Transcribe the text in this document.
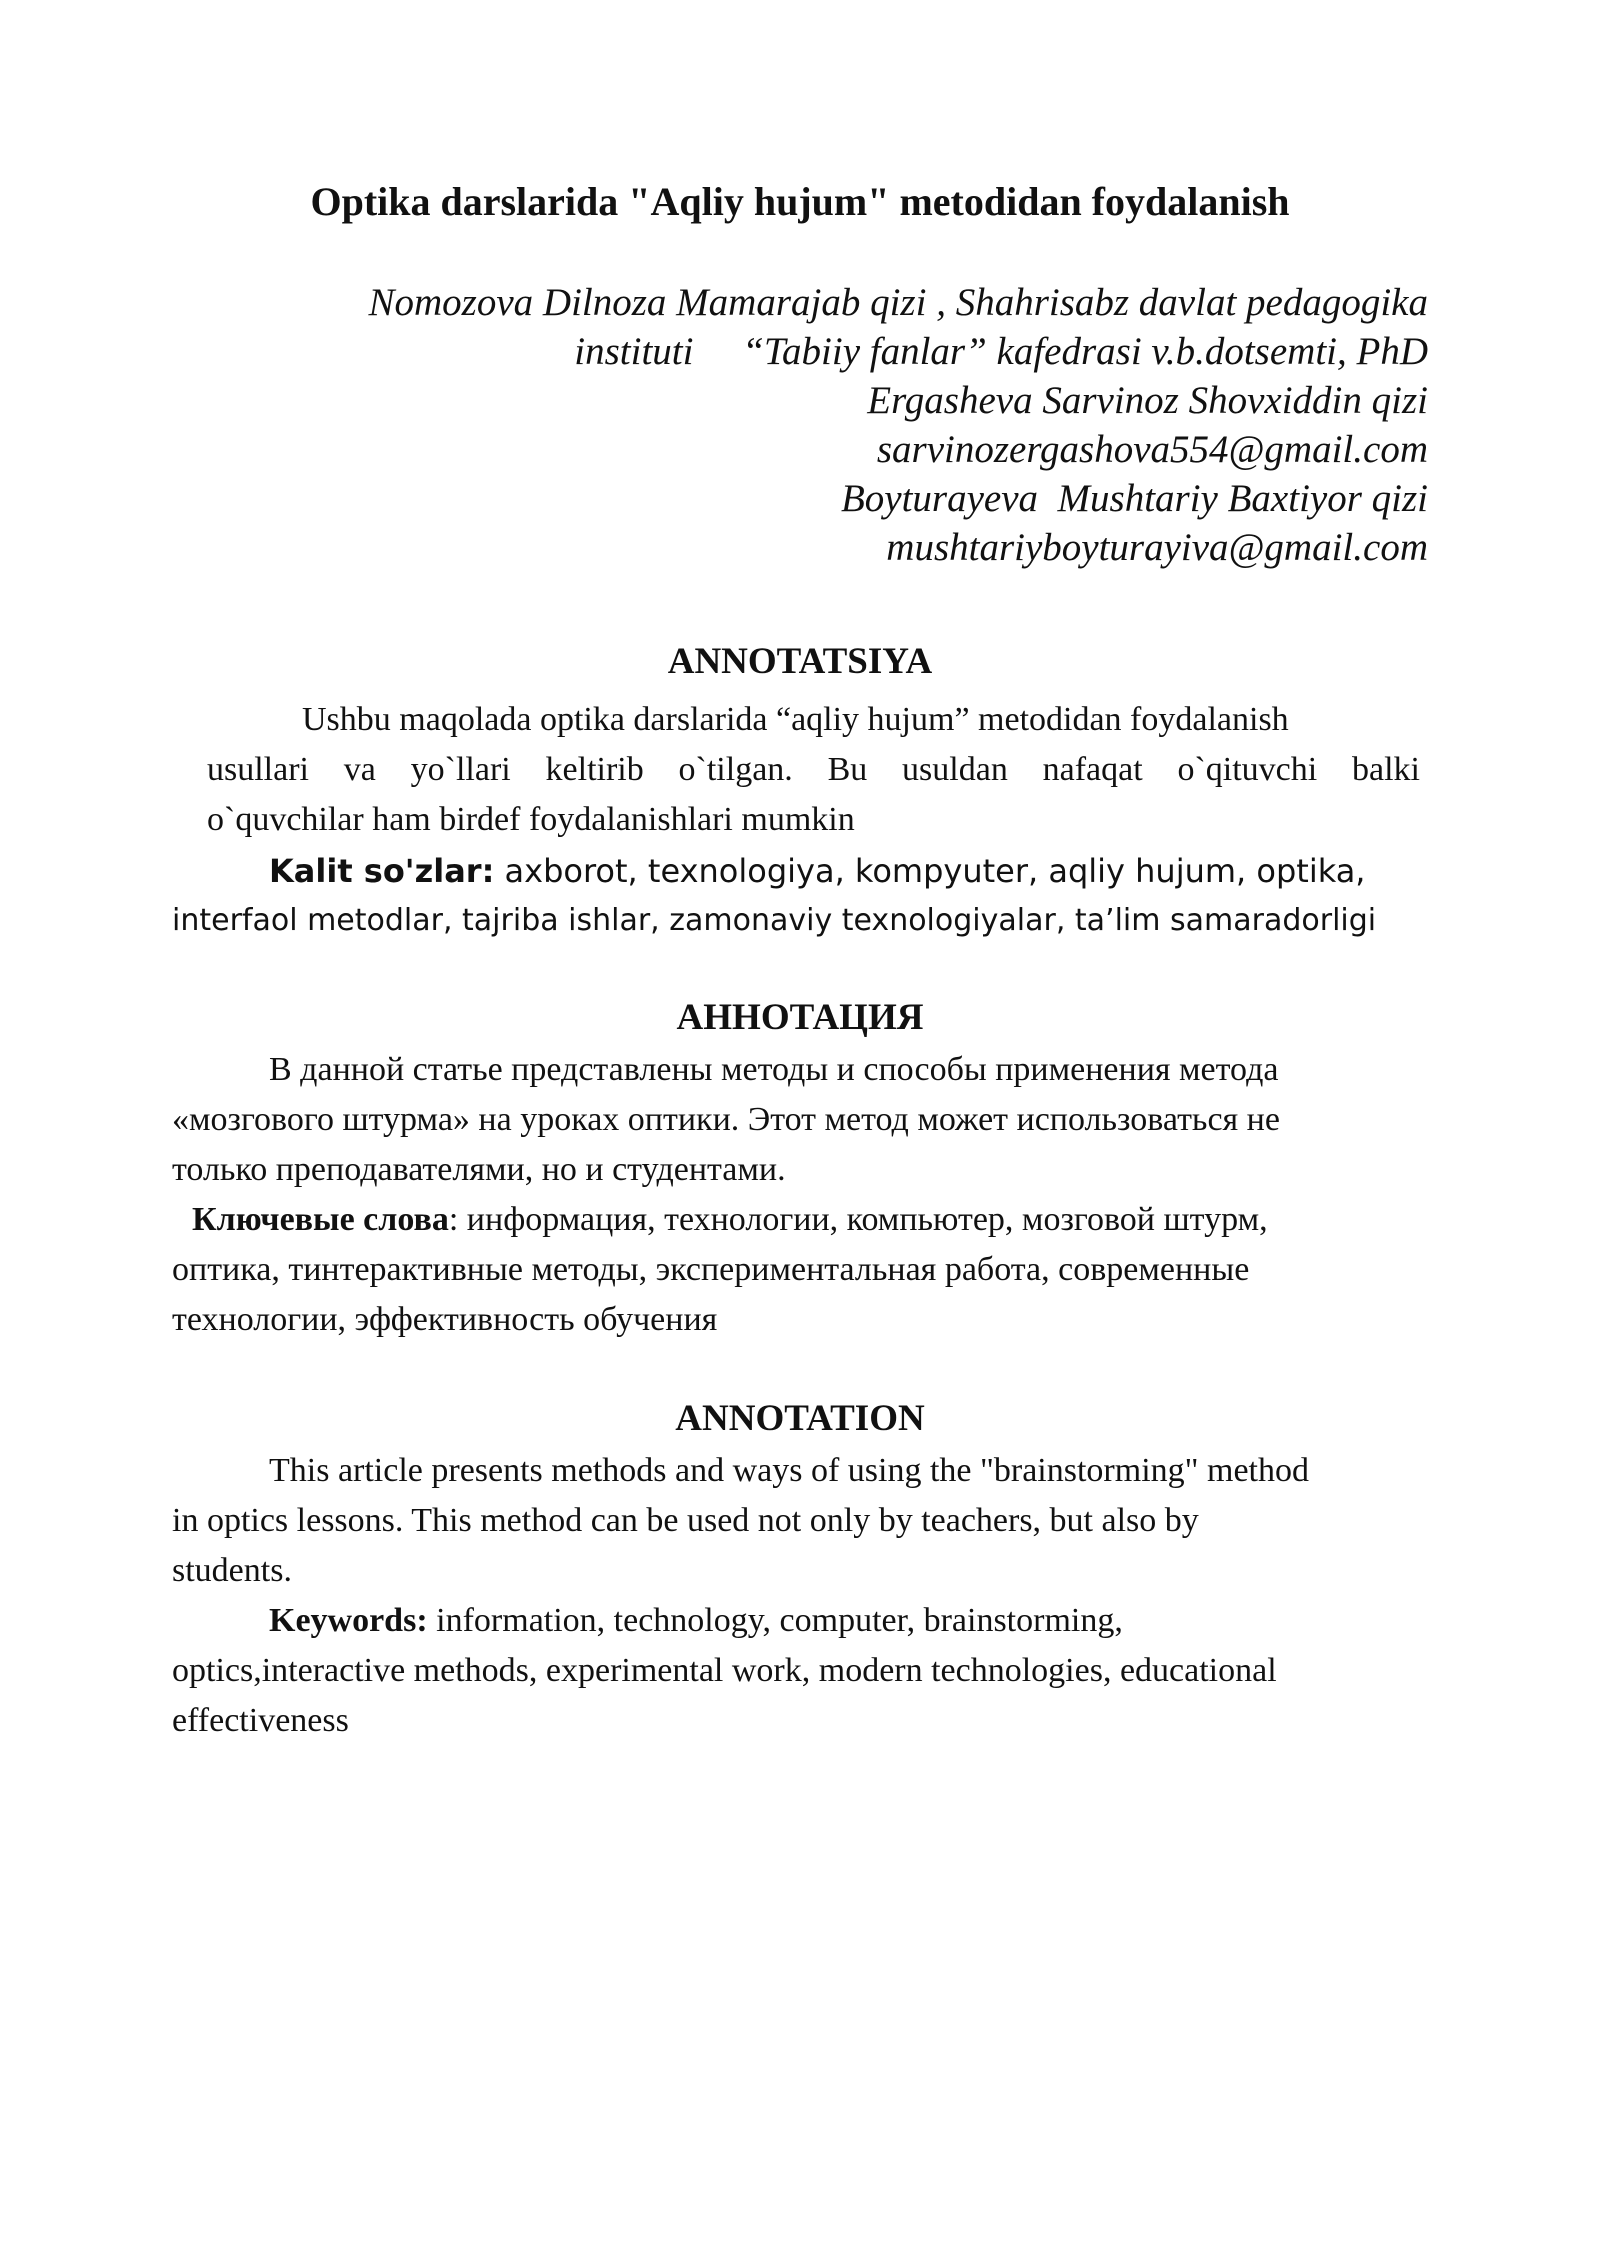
Optika darslarida "Aqliy hujum" metodidan foydalanish
Nomozova Dilnoza Mamarajab qizi , Shahrisabz davlat pedagogika
instituti     “Tabiiy fanlar” kafedrasi v.b.dotsemti, PhD
Ergasheva Sarvinoz Shovxiddin qizi
sarvinozergashova554@gmail.com
Boyturayeva  Mushtariy Baxtiyor qizi
mushtariyboyturayiva@gmail.com
ANNOTATSIYA
Ushbu maqolada optika darslarida “aqliy hujum” metodidan foydalanish
usullari va yo`llari keltirib o`tilgan. Bu usuldan nafaqat o`qituvchi balki
o`quvchilar ham birdef foydalanishlari mumkin
Kalit so'zlar: axborot, texnologiya, kompyuter, aqliy hujum, optika,
interfaol metodlar, tajriba ishlar, zamonaviy texnologiyalar, ta’lim samaradorligi
АННОТАЦИЯ
В данной статье представлены методы и способы применения метода
«мозгового штурма» на уроках оптики. Этот метод может использоваться не
только преподавателями, но и студентами.
Ключевые слова: информация, технологии, компьютер, мозговой штурм,
оптика, тинтерактивные методы, экспериментальная работа, современные
технологии, эффективность обучения
ANNOTATION
This article presents methods and ways of using the "brainstorming" method
in optics lessons. This method can be used not only by teachers, but also by
students.
Keywords: information, technology, computer, brainstorming,
optics,interactive methods, experimental work, modern technologies, educational
effectiveness
